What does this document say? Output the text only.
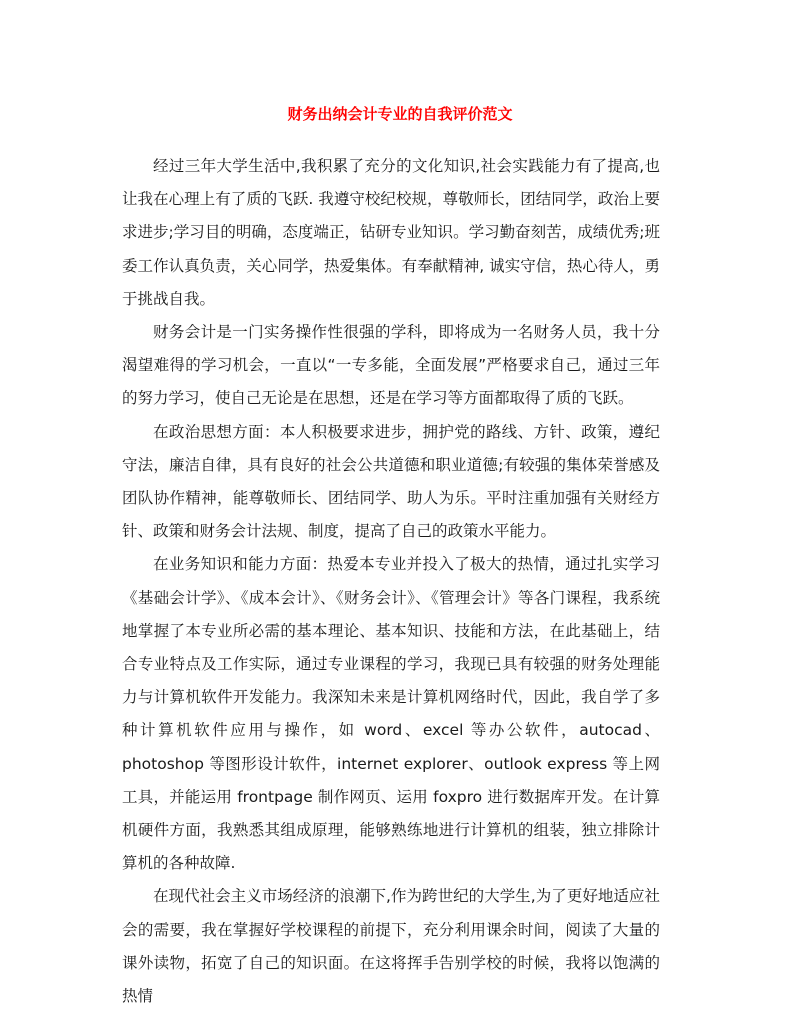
财务出纳会计专业的自我评价范文

经过三年大学生活中,我积累了充分的文化知识,社会实践能力有了提高,也让我在心理上有了质的飞跃. 我遵守校纪校规，尊敬师长，团结同学，政治上要求进步;学习目的明确，态度端正，钻研专业知识。学习勤奋刻苦，成绩优秀;班委工作认真负责，关心同学，热爱集体。有奉献精神, 诚实守信，热心待人，勇于挑战自我。

财务会计是一门实务操作性很强的学科，即将成为一名财务人员，我十分渴望难得的学习机会，一直以“一专多能，全面发展”严格要求自己，通过三年的努力学习，使自己无论是在思想，还是在学习等方面都取得了质的飞跃。

在政治思想方面：本人积极要求进步，拥护党的路线、方针、政策，遵纪守法，廉洁自律，具有良好的社会公共道德和职业道德;有较强的集体荣誉感及团队协作精神，能尊敬师长、团结同学、助人为乐。平时注重加强有关财经方针、政策和财务会计法规、制度，提高了自己的政策水平能力。

在业务知识和能力方面：热爱本专业并投入了极大的热情，通过扎实学习《基础会计学》、《成本会计》、《财务会计》、《管理会计》等各门课程，我系统地掌握了本专业所必需的基本理论、基本知识、技能和方法，在此基础上，结合专业特点及工作实际，通过专业课程的学习，我现已具有较强的财务处理能力与计算机软件开发能力。我深知未来是计算机网络时代，因此，我自学了多种计算机软件应用与操作，如 word、excel 等办公软件，autocad、photoshop 等图形设计软件，internet explorer、outlook express 等上网工具，并能运用 frontpage 制作网页、运用 foxpro 进行数据库开发。在计算机硬件方面，我熟悉其组成原理，能够熟练地进行计算机的组装，独立排除计算机的各种故障.

在现代社会主义市场经济的浪潮下,作为跨世纪的大学生,为了更好地适应社会的需要，我在掌握好学校课程的前提下，充分利用课余时间，阅读了大量的课外读物，拓宽了自己的知识面。在这将挥手告别学校的时候，我将以饱满的热情
